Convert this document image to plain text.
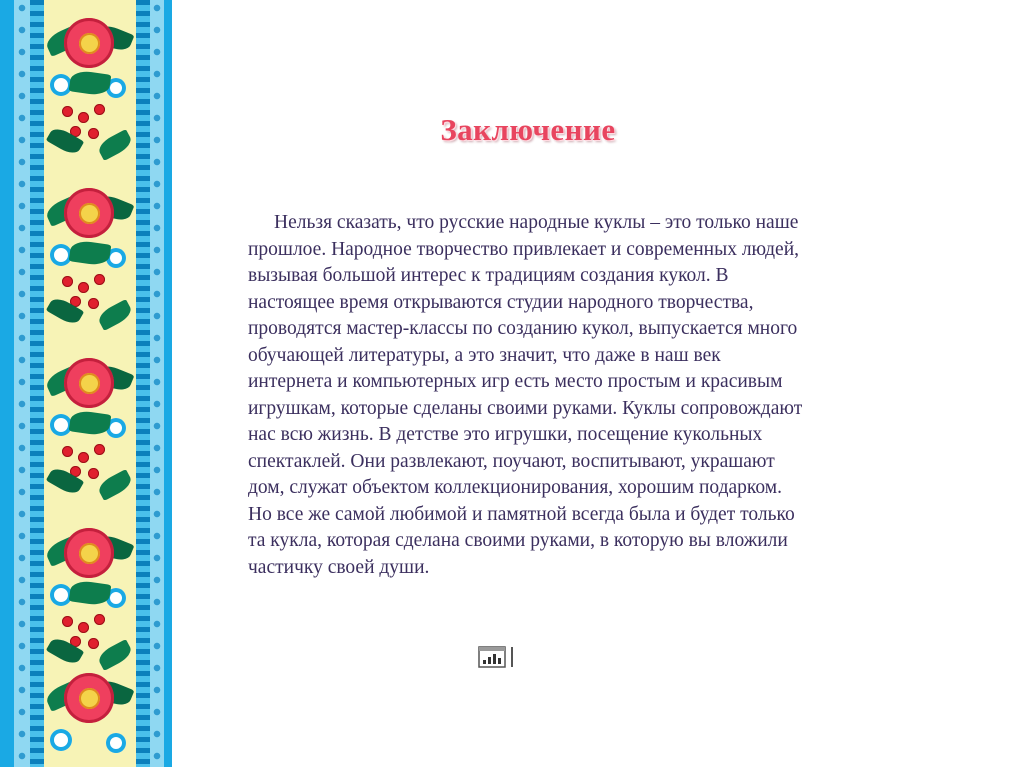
Заключение

Нельзя сказать, что русские народные куклы – это только наше прошлое. Народное творчество привлекает и современных людей, вызывая большой интерес к традициям создания кукол. В настоящее время открываются студии народного творчества, проводятся мастер-классы по созданию кукол, выпускается много обучающей литературы, а это значит, что даже в наш век интернета и компьютерных игр есть место простым и красивым игрушкам, которые сделаны своими руками. Куклы сопровождают нас всю жизнь. В детстве это игрушки, посещение кукольных спектаклей. Они развлекают, поучают, воспитывают, украшают дом, служат объектом коллекционирования, хорошим подарком. Но все же самой любимой и памятной всегда была и будет только та кукла, которая сделана своими руками, в которую вы вложили частичку своей души.
